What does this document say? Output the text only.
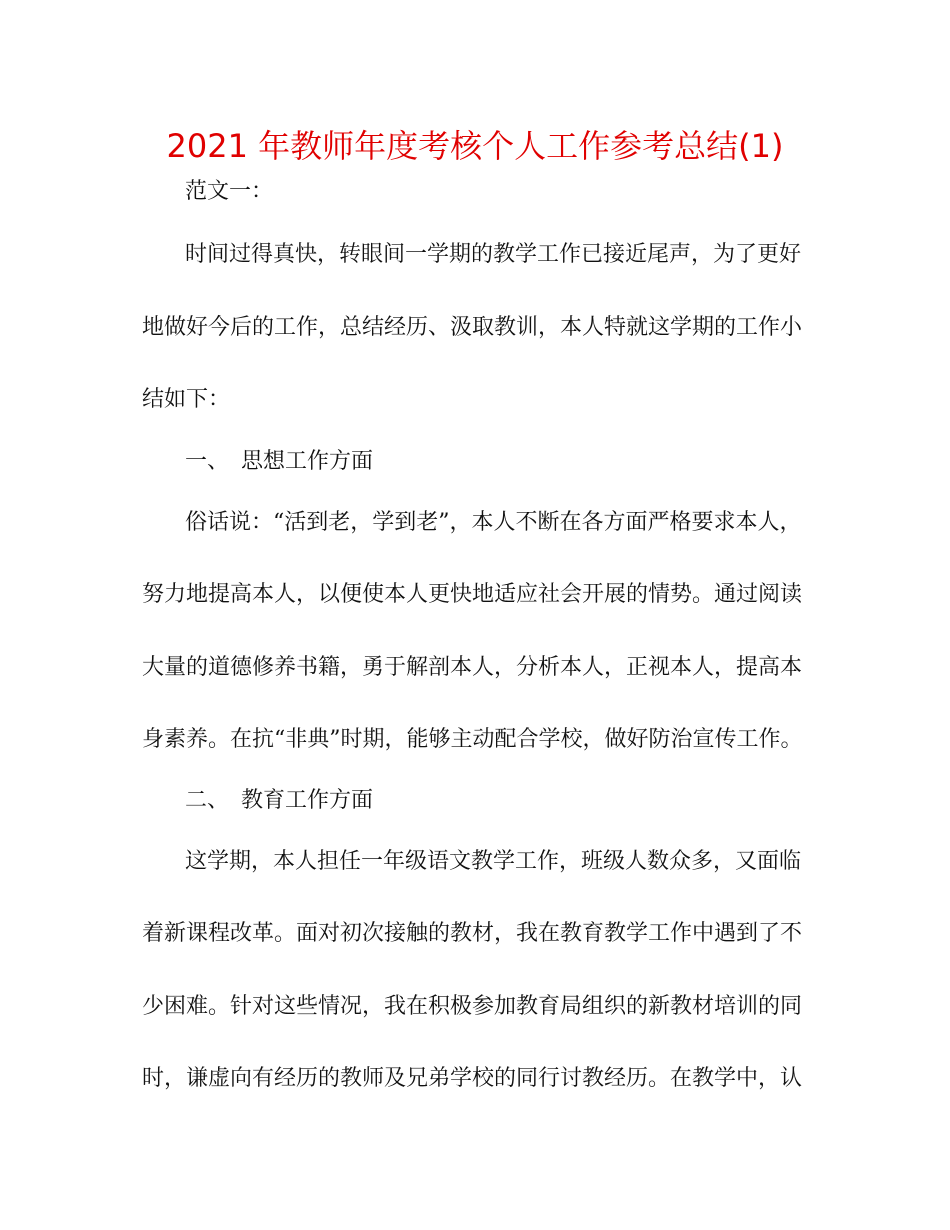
2021 年教师年度考核个人工作参考总结(1)
范文一：
时间过得真快，转眼间一学期的教学工作已接近尾声，为了更好
地做好今后的工作，总结经历、汲取教训，本人特就这学期的工作小
结如下：
一、 思想工作方面
俗话说：“活到老，学到老”，本人不断在各方面严格要求本人，
努力地提高本人，以便使本人更快地适应社会开展的情势。通过阅读
大量的道德修养书籍，勇于解剖本人，分析本人，正视本人，提高本
身素养。在抗“非典”时期，能够主动配合学校，做好防治宣传工作。
二、 教育工作方面
这学期，本人担任一年级语文教学工作，班级人数众多，又面临
着新课程改革。面对初次接触的教材，我在教育教学工作中遇到了不
少困难。针对这些情况，我在积极参加教育局组织的新教材培训的同
时，谦虚向有经历的教师及兄弟学校的同行讨教经历。在教学中，认
